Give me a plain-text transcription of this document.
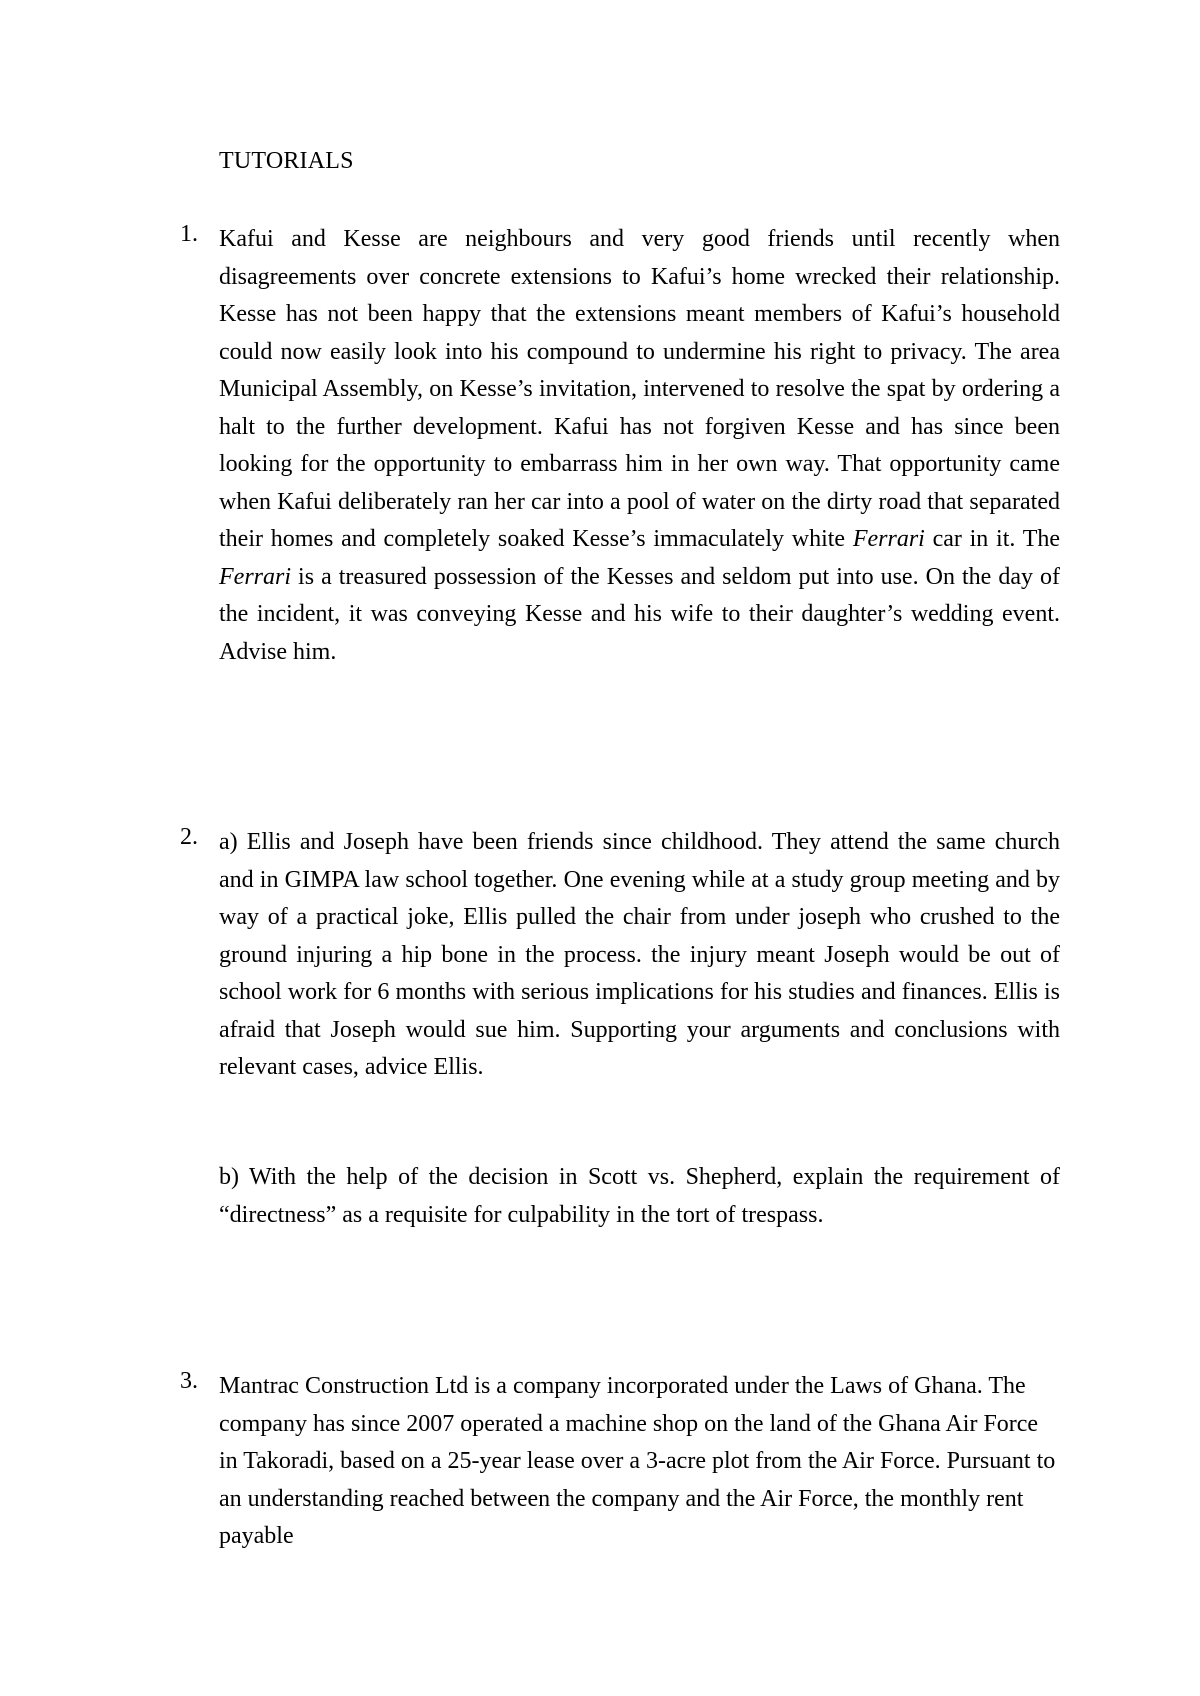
TUTORIALS
1. Kafui and Kesse are neighbours and very good friends until recently when disagreements over concrete extensions to Kafui’s home wrecked their relationship. Kesse has not been happy that the extensions meant members of Kafui’s household could now easily look into his compound to undermine his right to privacy. The area Municipal Assembly, on Kesse’s invitation, intervened to resolve the spat by ordering a halt to the further development. Kafui has not forgiven Kesse and has since been looking for the opportunity to embarrass him in her own way. That opportunity came when Kafui deliberately ran her car into a pool of water on the dirty road that separated their homes and completely soaked Kesse’s immaculately white Ferrari car in it. The Ferrari is a treasured possession of the Kesses and seldom put into use. On the day of the incident, it was conveying Kesse and his wife to their daughter’s wedding event. Advise him.

2. a) Ellis and Joseph have been friends since childhood. They attend the same church and in GIMPA law school together. One evening while at a study group meeting and by way of a practical joke, Ellis pulled the chair from under joseph who crushed to the ground injuring a hip bone in the process. the injury meant Joseph would be out of school work for 6 months with serious implications for his studies and finances. Ellis is afraid that Joseph would sue him. Supporting your arguments and conclusions with relevant cases, advice Ellis.

b) With the help of the decision in Scott vs. Shepherd, explain the requirement of “directness” as a requisite for culpability in the tort of trespass.

3. Mantrac Construction Ltd is a company incorporated under the Laws of Ghana. The company has since 2007 operated a machine shop on the land of the Ghana Air Force in Takoradi, based on a 25-year lease over a 3-acre plot from the Air Force. Pursuant to an understanding reached between the company and the Air Force, the monthly rent payable
